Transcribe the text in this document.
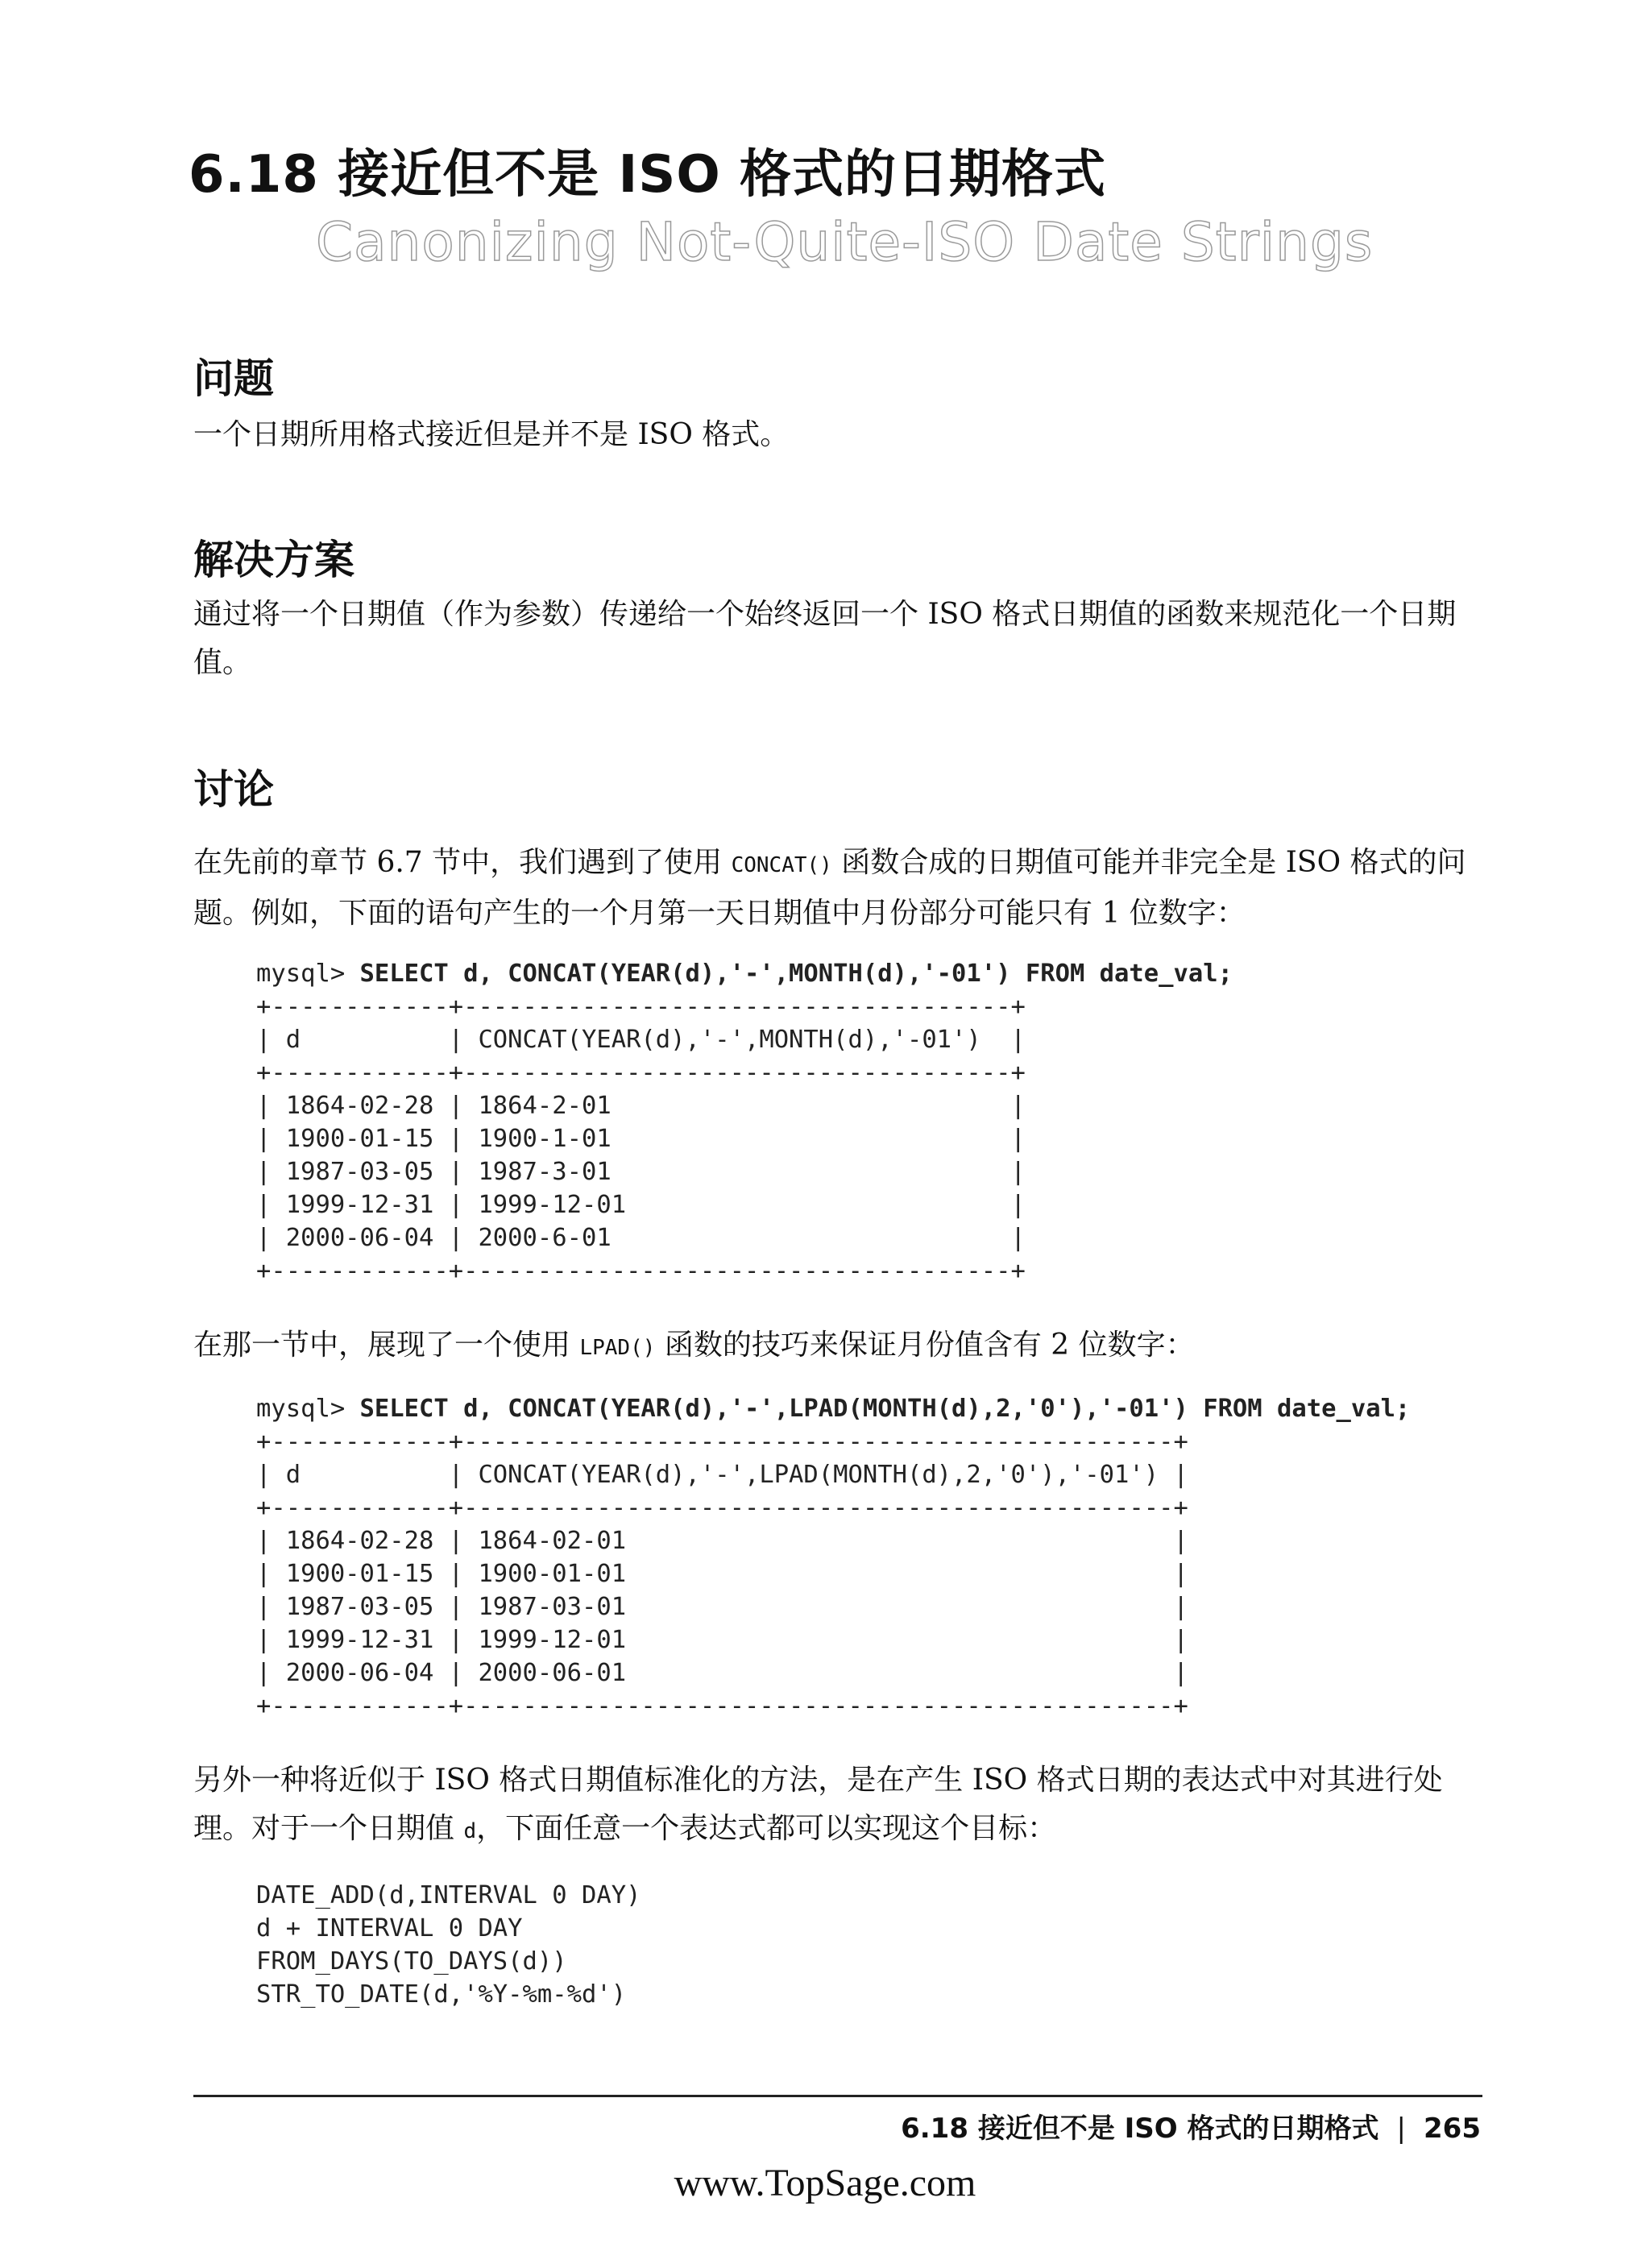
6.18 接近但不是 ISO 格式的日期格式
Canonizing Not-Quite-ISO Date Strings
问题
一个日期所用格式接近但是并不是 ISO 格式。
解决方案
通过将一个日期值（作为参数）传递给一个始终返回一个 ISO 格式日期值的函数来规范化一个日期值。
讨论
在先前的章节 6.7 节中，我们遇到了使用 CONCAT() 函数合成的日期值可能并非完全是 ISO 格式的问题。例如，下面的语句产生的一个月第一天日期值中月份部分可能只有 1 位数字：
mysql> SELECT d, CONCAT(YEAR(d),'-',MONTH(d),'-01') FROM date_val;
+------------+-------------------------------------+
| d          | CONCAT(YEAR(d),'-',MONTH(d),'-01')  |
+------------+-------------------------------------+
| 1864-02-28 | 1864-2-01                           |
| 1900-01-15 | 1900-1-01                           |
| 1987-03-05 | 1987-3-01                           |
| 1999-12-31 | 1999-12-01                          |
| 2000-06-04 | 2000-6-01                           |
+------------+-------------------------------------+
在那一节中，展现了一个使用 LPAD() 函数的技巧来保证月份值含有 2 位数字：
mysql> SELECT d, CONCAT(YEAR(d),'-',LPAD(MONTH(d),2,'0'),'-01') FROM date_val;
+------------+------------------------------------------------+
| d          | CONCAT(YEAR(d),'-',LPAD(MONTH(d),2,'0'),'-01') |
+------------+------------------------------------------------+
| 1864-02-28 | 1864-02-01                                     |
| 1900-01-15 | 1900-01-01                                     |
| 1987-03-05 | 1987-03-01                                     |
| 1999-12-31 | 1999-12-01                                     |
| 2000-06-04 | 2000-06-01                                     |
+------------+------------------------------------------------+
另外一种将近似于 ISO 格式日期值标准化的方法，是在产生 ISO 格式日期的表达式中对其进行处理。对于一个日期值 d，下面任意一个表达式都可以实现这个目标：
DATE_ADD(d,INTERVAL 0 DAY)
d + INTERVAL 0 DAY
FROM_DAYS(TO_DAYS(d))
STR_TO_DATE(d,'%Y-%m-%d')
6.18 接近但不是 ISO 格式的日期格式 | 265
www.TopSage.com
